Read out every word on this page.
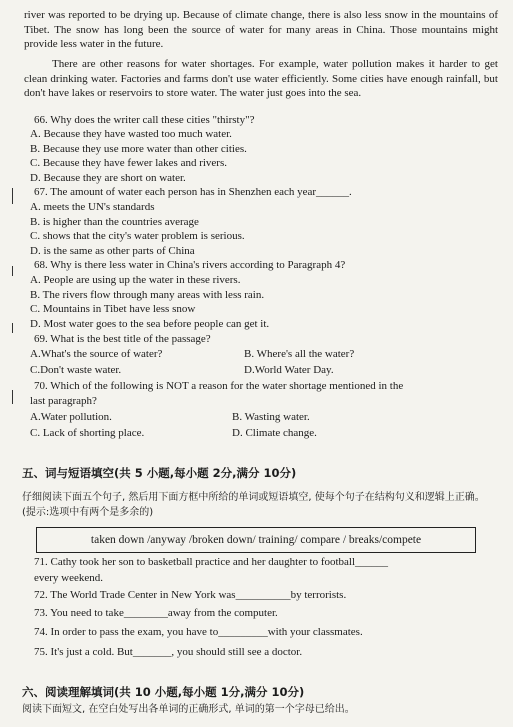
river was reported to be drying up. Because of climate change, there is also less snow in the mountains of Tibet. The snow has long been the source of water for many areas in China. Those mountains might provide less water in the future.
There are other reasons for water shortages. For example, water pollution makes it harder to get clean drinking water. Factories and farms don't use water efficiently. Some cities have enough rainfall, but don't have lakes or reservoirs to store water. The water just goes into the sea.
66. Why does the writer call these cities "thirsty"?
A. Because they have wasted too much water.
B. Because they use more water than other cities.
C. Because they have fewer lakes and rivers.
D. Because they are short on water.
67. The amount of water each person has in Shenzhen each year______.
A. meets the UN's standards
B. is higher than the countries average
C. shows that the city's water problem is serious.
D. is the same as other parts of China
68. Why is there less water in China's rivers according to Paragraph 4?
A. People are using up the water in these rivers.
B. The rivers flow through many areas with less rain.
C. Mountains in Tibet have less snow
D. Most water goes to the sea before people can get it.
69. What is the best title of the passage?
A.What's the source of water?	B. Where's all the water?
C.Don't waste water.	D.World Water Day.
70. Which of the following is NOT a reason for the water shortage mentioned in the
last paragraph?
A.Water pollution.	B. Wasting water.
C. Lack of shorting place.	D. Climate change.
五、词与短语填空(共 5 小题,每小题 2分,满分 10分)
仔细阅读下面五个句子, 然后用下面方框中所给的单词或短语填空, 使每个句子在结构句义和逻辑上正确。(提示:选项中有两个是多余的)
taken down /anyway /broken down/ training/ compare / breaks/compete
71. Cathy took her son to basketball practice and her daughter to football______
every weekend.
72. The World Trade Center in New York was__________by terrorists.
73. You need to take________away from the computer.
74. In order to pass the exam, you have to_________with your classmates.
75. It's just a cold. But_______, you should still see a doctor.
六、阅读理解填词(共 10 小题,每小题 1分,满分 10分)
阅读下面短文, 在空白处写出各单词的正确形式, 单词的第一个字母已给出。
